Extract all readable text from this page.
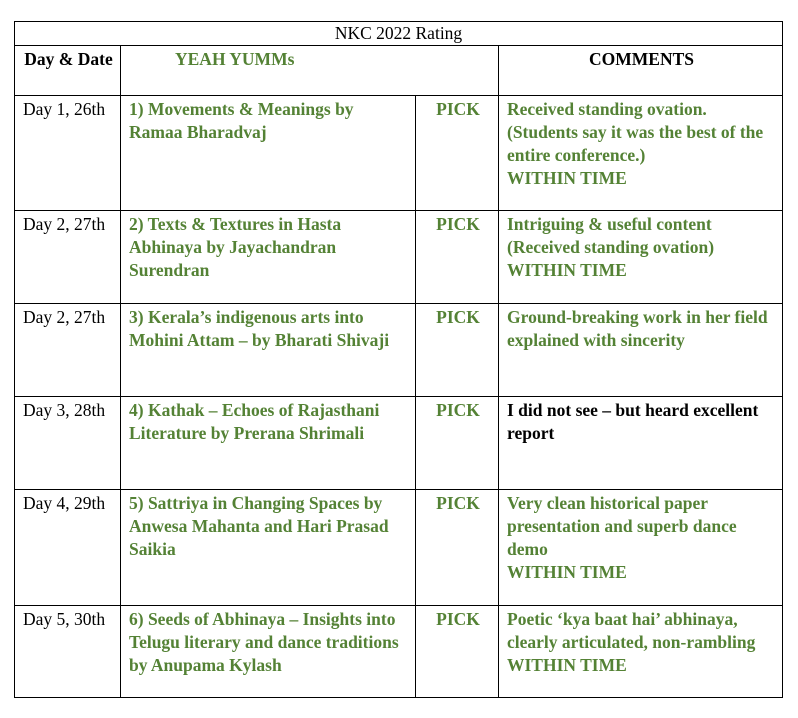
NKC 2022 Rating			
Day & Date	YEAH YUMMs		COMMENTS
Day 1, 26th	1) Movements & Meanings by Ramaa Bharadvaj	PICK	Received standing ovation. (Students say it was the best of the entire conference.)
WITHIN TIME

Day 2, 27th	2) Texts & Textures in Hasta Abhinaya by Jayachandran Surendran	PICK	Intriguing & useful content (Received standing ovation)
WITHIN TIME

Day 2, 27th	3) Kerala’s indigenous arts into Mohini Attam – by Bharati Shivaji	PICK	Ground-breaking work in her field explained with sincerity

Day 3, 28th	4) Kathak – Echoes of Rajasthani Literature by Prerana Shrimali	PICK	I did not see – but heard excellent report

Day 4, 29th	5) Sattriya in Changing Spaces by Anwesa Mahanta and Hari Prasad Saikia	PICK	Very clean historical paper presentation and superb dance demo
WITHIN TIME

Day 5, 30th	6) Seeds of Abhinaya – Insights into Telugu literary and dance traditions by Anupama Kylash	PICK	Poetic ‘kya baat hai’ abhinaya, clearly articulated, non-rambling
WITHIN TIME
